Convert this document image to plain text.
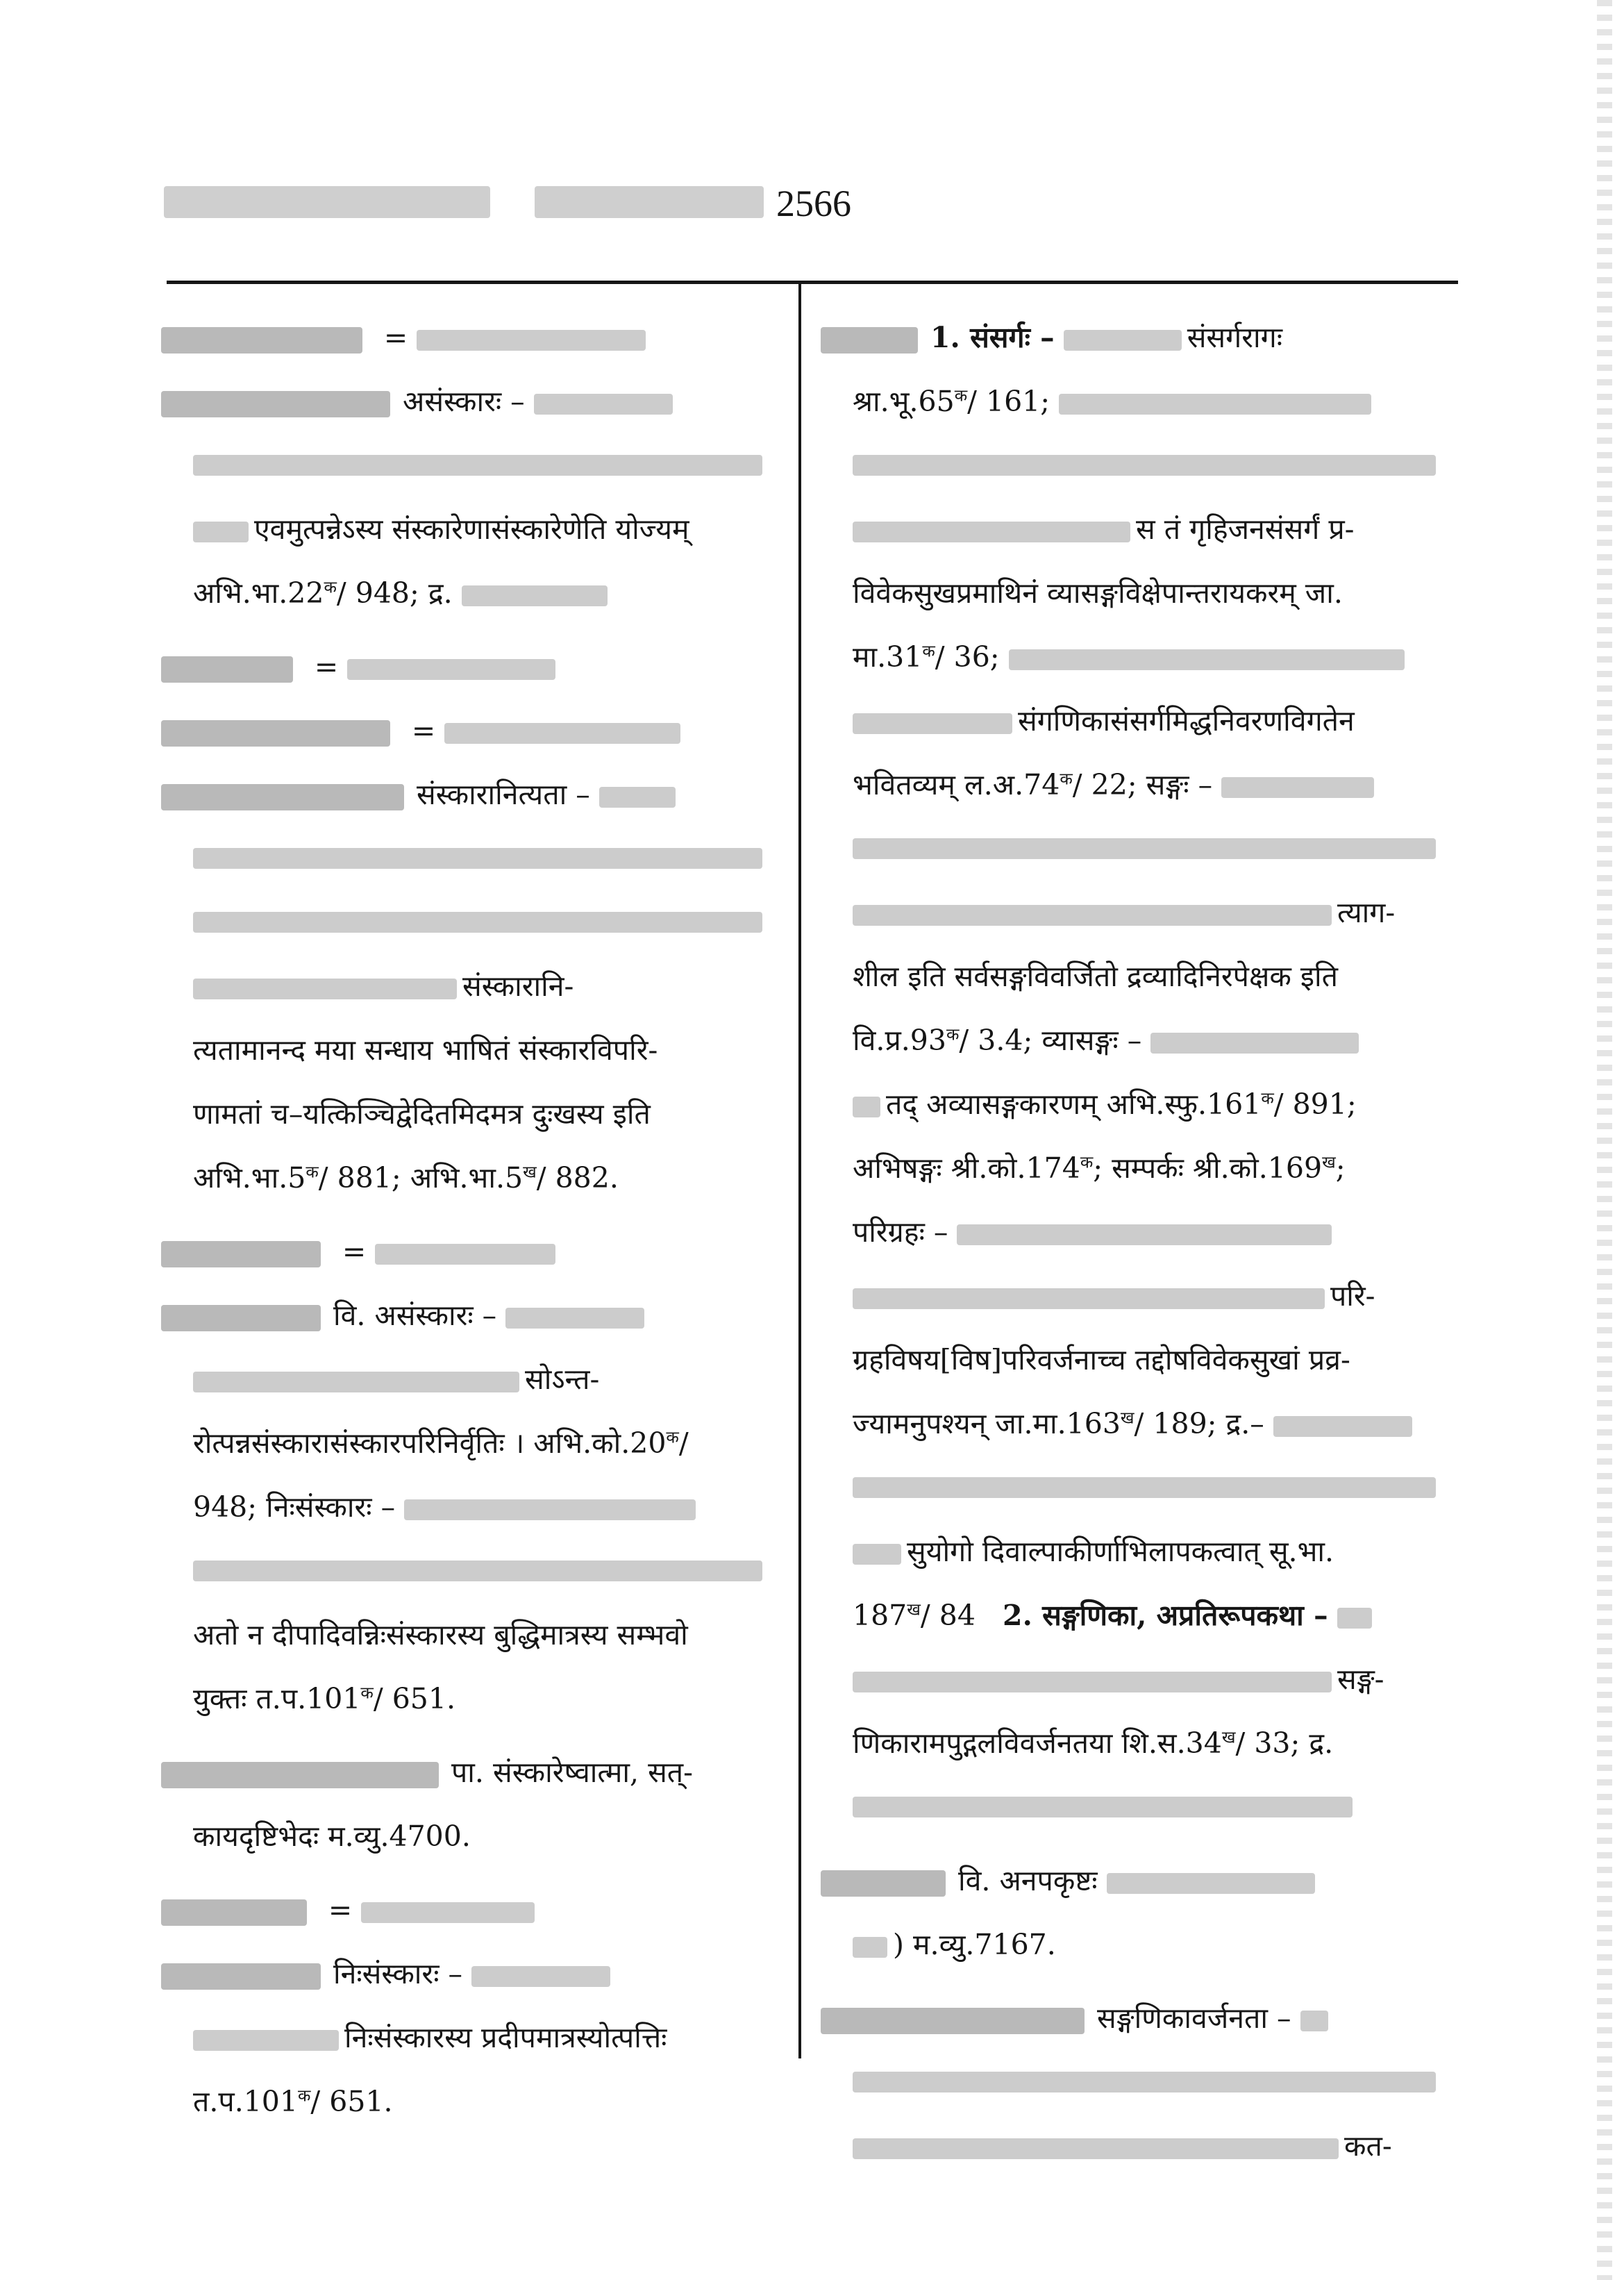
2566
=
असंस्कारः –
एवमुत्पन्नेऽस्य संस्कारेणासंस्कारेणेति योज्यम्
$अभि.भा.22^क/$ 948; द्र.
=
=
संस्कारानित्यता –
संस्कारानि-
त्यतामानन्द मया सन्धाय भाषितं संस्कारविपरि-
णामतां च–यत्किञ्चिद्वेदितमिदमत्र दुःखस्य इति
$अभि.भा.5^क/$ 881; $अभि.भा.5^ख/$ 882.
=
वि. असंस्कारः –
सोऽन्त-
रोत्पन्नसंस्कारासंस्कारपरिनिर्वृतिः । $अभि.को.20^क/$
948; निःसंस्कारः –
अतो न दीपादिवन्निःसंस्कारस्य बुद्धिमात्रस्य सम्भवो
युक्तः $त.प.101^क/$ 651.
पा. संस्कारेष्वात्मा, सत्-
कायदृष्टिभेदः म.व्यु.4700.
=
निःसंस्कारः –
निःसंस्कारस्य प्रदीपमात्रस्योत्पत्तिः
$त.प.101^क/$ 651.
1. संसर्गः –	संसर्गरागः
$श्रा.भू.65^क/$ 161;
स तं गृहिजनसंसर्गं प्र-
विवेकसुखप्रमाथिनं व्यासङ्गविक्षेपान्तरायकरम् जा.
$मा.31^क/$ 36;
संगणिकासंसर्गमिद्धनिवरणविगतेन
भवितव्यम् $ल.अ.74^क/$ 22; सङ्गः –
त्याग-
शील इति सर्वसङ्गविवर्जितो द्रव्यादिनिरपेक्षक इति
$वि.प्र.93^क/$ 3.4; व्यासङ्गः –
तद् अव्यासङ्गकारणम् $अभि.स्फु.161^क/$ 891;
अभिषङ्गः $श्री.को.174^क$; सम्पर्कः $श्री.को.169^ख$;
परिग्रहः –
परि-
ग्रहविषय[विष]परिवर्जनाच्च तद्दोषविवेकसुखां प्रव्र-
ज्यामनुपश्यन् $जा.मा.163^ख/$ 189; द्र.–
सुयोगो दिवाल्पाकीर्णाभिलापकत्वात् सू.भा.
$187^ख/$ 84 2. सङ्गणिका, अप्रतिरूपकथा –
सङ्ग-
णिकारामपुद्गलविवर्जनतया $शि.स.34^ख/$ 33; द्र.
वि. अनपकृष्टः
) म.व्यु.7167.
सङ्गणिकावर्जनता –
कत-
